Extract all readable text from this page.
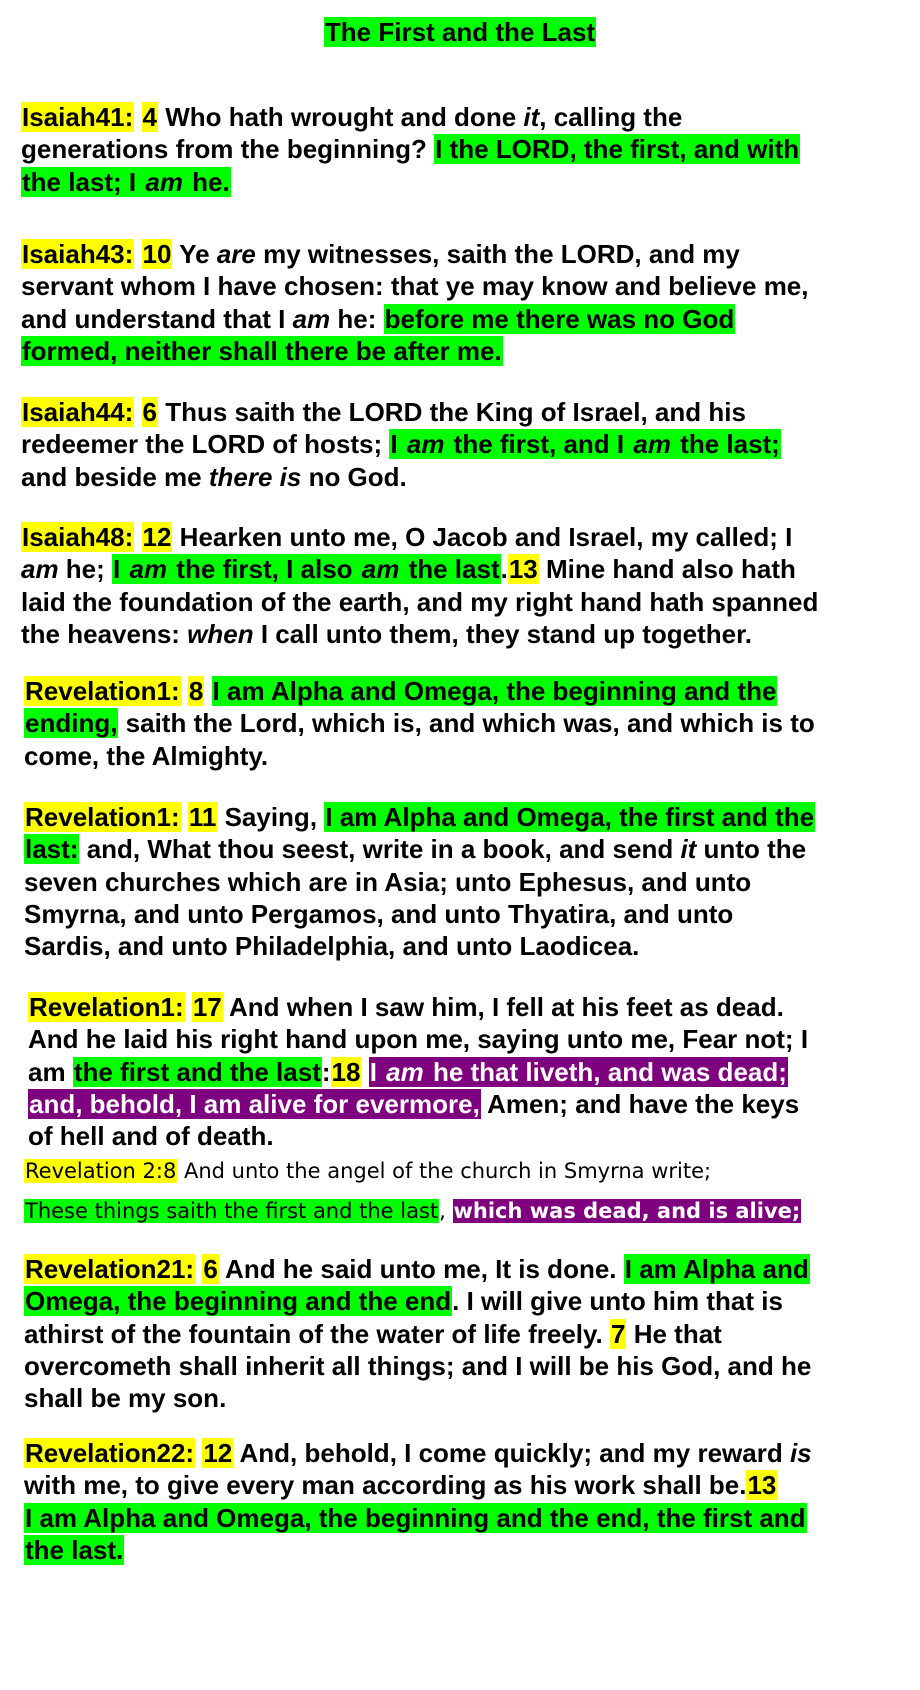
The First and the Last
Isaiah41: 4 Who hath wrought and done it, calling the
generations from the beginning? I the LORD, the first, and with
the last; I am he.
Isaiah43: 10 Ye are my witnesses, saith the LORD, and my
servant whom I have chosen: that ye may know and believe me,
and understand that I am he: before me there was no God
formed, neither shall there be after me.
Isaiah44: 6 Thus saith the LORD the King of Israel, and his
redeemer the LORD of hosts; I am the first, and I am the last;
and beside me there is no God.
Isaiah48: 12 Hearken unto me, O Jacob and Israel, my called; I
am he; I am the first, I also am the last.13 Mine hand also hath
laid the foundation of the earth, and my right hand hath spanned
the heavens: when I call unto them, they stand up together.
Revelation1: 8 I am Alpha and Omega, the beginning and the
ending, saith the Lord, which is, and which was, and which is to
come, the Almighty.
Revelation1: 11 Saying, I am Alpha and Omega, the first and the
last: and, What thou seest, write in a book, and send it unto the
seven churches which are in Asia; unto Ephesus, and unto
Smyrna, and unto Pergamos, and unto Thyatira, and unto
Sardis, and unto Philadelphia, and unto Laodicea.
Revelation1: 17 And when I saw him, I fell at his feet as dead.
And he laid his right hand upon me, saying unto me, Fear not; I
am the first and the last:18 I am he that liveth, and was dead;
and, behold, I am alive for evermore, Amen; and have the keys
of hell and of death.
Revelation 2:8 And unto the angel of the church in Smyrna write;
These things saith the first and the last, which was dead, and is alive;
Revelation21: 6 And he said unto me, It is done. I am Alpha and
Omega, the beginning and the end. I will give unto him that is
athirst of the fountain of the water of life freely. 7 He that
overcometh shall inherit all things; and I will be his God, and he
shall be my son.
Revelation22: 12 And, behold, I come quickly; and my reward is
with me, to give every man according as his work shall be.13
I am Alpha and Omega, the beginning and the end, the first and
the last.
